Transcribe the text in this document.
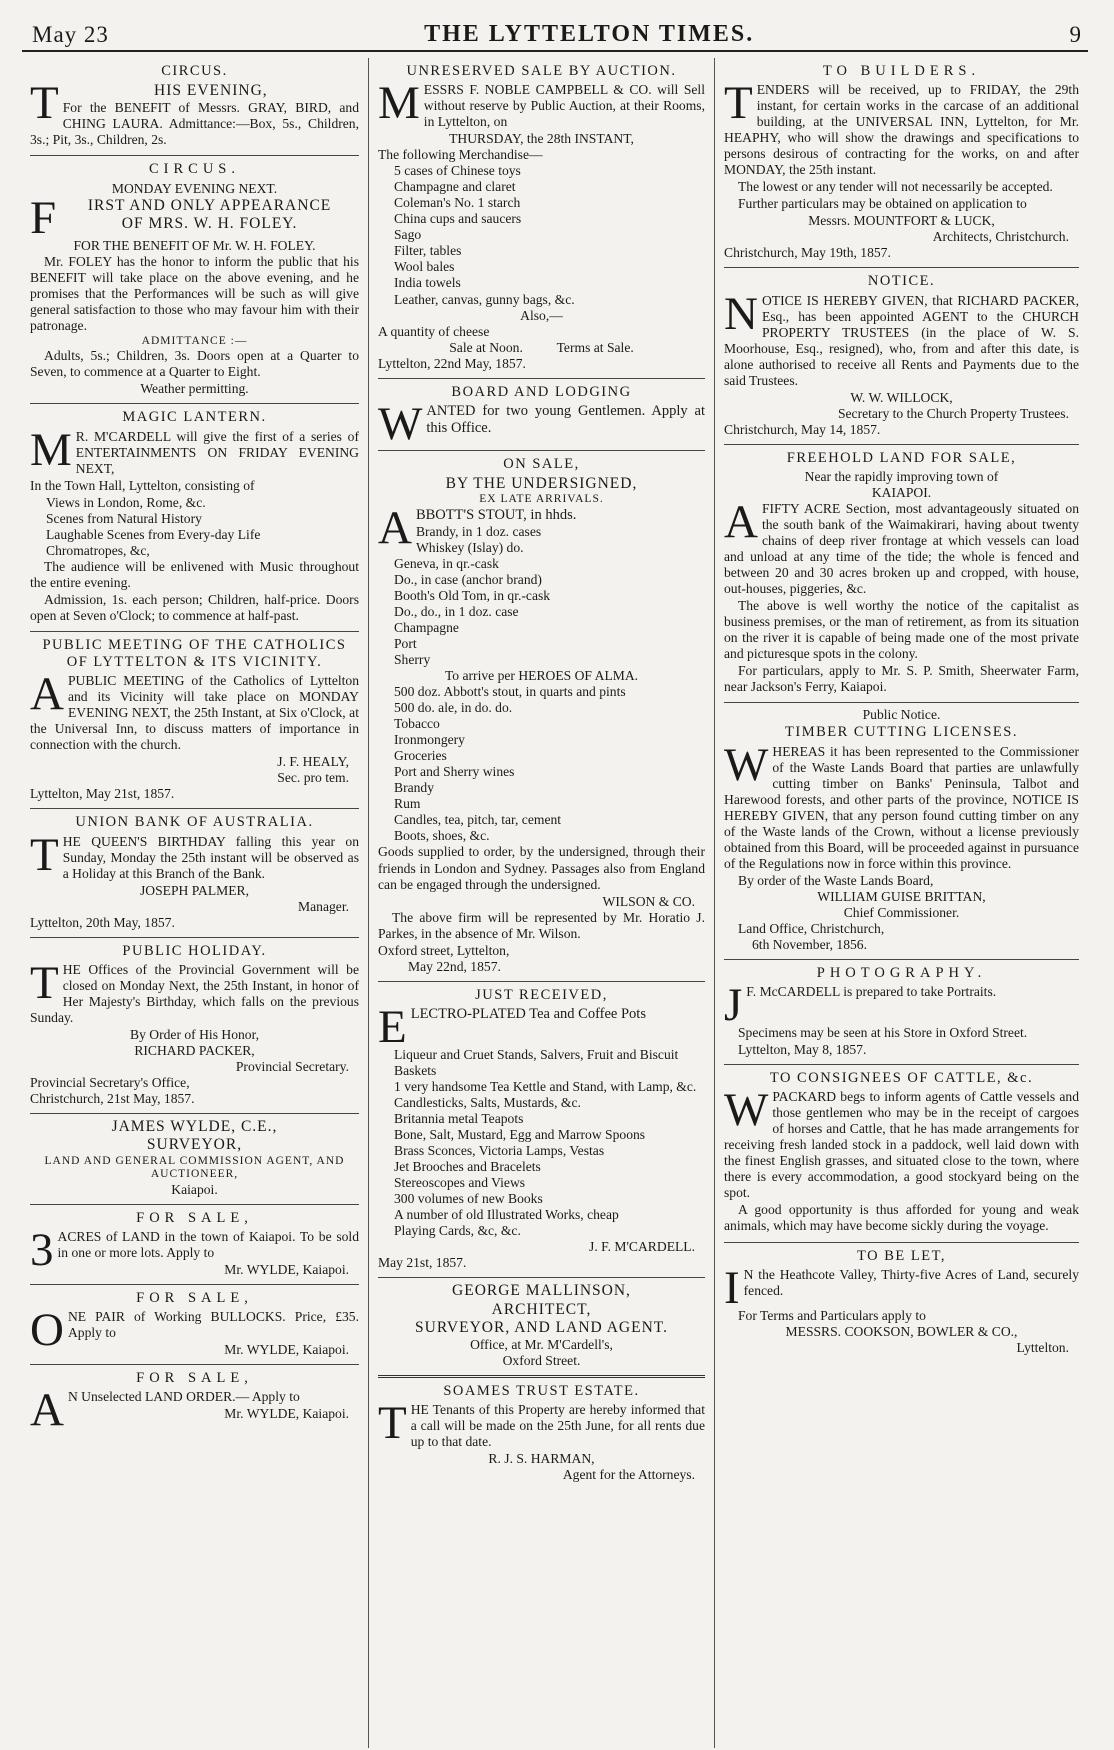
May 23	THE LYTTELTON TIMES.	9
CIRCUS.
T	HIS EVENING,

For the BENEFIT of Messrs. GRAY, BIRD, and CHING LAURA. Admittance:—Box, 5s., Children, 3s.; Pit, 3s., Children, 2s.

CIRCUS.
MONDAY EVENING NEXT.
F	IRST AND ONLY APPEARANCE
OF MRS. W. H. FOLEY.
FOR THE BENEFIT OF Mr. W. H. FOLEY.

Mr. FOLEY has the honor to inform the public that his BENEFIT will take place on the above evening, and he promises that the Performances will be such as will give general satisfaction to those who may favour him with their patronage.

ADMITTANCE :—

Adults, 5s.; Children, 3s. Doors open at a Quarter to Seven, to commence at a Quarter to Eight.

Weather permitting.
MAGIC LANTERN.
M R. M'CARDELL will give the first of a series of ENTERTAINMENTS ON FRIDAY EVENING NEXT,

In the Town Hall, Lyttelton, consisting of

Views in London, Rome, &c.
Scenes from Natural History
Laughable Scenes from Every-day Life
Chromatropes, &c,

The audience will be enlivened with Music throughout the entire evening.

Admission, 1s. each person; Children, half-price. Doors open at Seven o'Clock; to commence at half-past.

PUBLIC MEETING OF THE CATHOLICS OF LYTTELTON & ITS VICINITY.
A PUBLIC MEETING of the Catholics of Lyttelton and its Vicinity will take place on MONDAY EVENING NEXT, the 25th Instant, at Six o'Clock, at the Universal Inn, to discuss matters of importance in connection with the church.

J. F. HEALY,
Sec. pro tem.
Lyttelton, May 21st, 1857.
UNION BANK OF AUSTRALIA.
T HE QUEEN'S BIRTHDAY falling this year on Sunday, Monday the 25th instant will be observed as a Holiday at this Branch of the Bank.

JOSEPH PALMER,
Manager.
Lyttelton, 20th May, 1857.
PUBLIC HOLIDAY.
T HE Offices of the Provincial Government will be closed on Monday Next, the 25th Instant, in honor of Her Majesty's Birthday, which falls on the previous Sunday.

By Order of His Honor,
RICHARD PACKER,
Provincial Secretary.
Provincial Secretary's Office,
Christchurch, 21st May, 1857.
JAMES WYLDE, C.E.,
SURVEYOR,
LAND AND GENERAL COMMISSION AGENT, AND AUCTIONEER,
Kaiapoi.
FOR SALE,
3 ACRES of LAND in the town of Kaiapoi. To be sold in one or more lots. Apply to

Mr. WYLDE, Kaiapoi.
FOR SALE,
O NE PAIR of Working BULLOCKS. Price, £35. Apply to

Mr. WYLDE, Kaiapoi.
FOR SALE,
A N Unselected LAND ORDER.— Apply to

Mr. WYLDE, Kaiapoi.
UNRESERVED SALE BY AUCTION.
M ESSRS F. NOBLE CAMPBELL & CO. will Sell without reserve by Public Auction, at their Rooms, in Lyttelton, on

THURSDAY, the 28th INSTANT,
The following Merchandise—
5 cases of Chinese toys
Champagne and claret
Coleman's No. 1 starch
China cups and saucers
Sago
Filter, tables
Wool bales
India towels
Leather, canvas, gunny bags, &c.
Also,—
A quantity of cheese
Sale at Noon.          Terms at Sale.
Lyttelton, 22nd May, 1857.
BOARD AND LODGING
W ANTED for two young Gentlemen. Apply at this Office.

ON SALE,
BY THE UNDERSIGNED,
EX LATE ARRIVALS.
A BBOTT'S STOUT, in hhds.
Brandy, in 1 doz. cases
Whiskey (Islay) do.
Geneva, in qr.-cask
Do., in case (anchor brand)
Booth's Old Tom, in qr.-cask
Do., do., in 1 doz. case
Champagne
Port
Sherry
To arrive per HEROES OF ALMA.
500 doz. Abbott's stout, in quarts and pints
500 do. ale, in do. do.
Tobacco
Ironmongery
Groceries
Port and Sherry wines
Brandy
Rum
Candles, tea, pitch, tar, cement
Boots, shoes, &c.

Goods supplied to order, by the undersigned, through their friends in London and Sydney. Passages also from England can be engaged through the undersigned.

WILSON & CO.

The above firm will be represented by Mr. Horatio J. Parkes, in the absence of Mr. Wilson.

Oxford street, Lyttelton,
May 22nd, 1857.
JUST RECEIVED,
E LECTRO-PLATED Tea and Coffee Pots
Liqueur and Cruet Stands, Salvers, Fruit and Biscuit Baskets
1 very handsome Tea Kettle and Stand, with Lamp, &c.
Candlesticks, Salts, Mustards, &c.
Britannia metal Teapots
Bone, Salt, Mustard, Egg and Marrow Spoons
Brass Sconces, Victoria Lamps, Vestas
Jet Brooches and Bracelets
Stereoscopes and Views
300 volumes of new Books
A number of old Illustrated Works, cheap
Playing Cards, &c, &c.
J. F. M'CARDELL.
May 21st, 1857.
GEORGE MALLINSON,
ARCHITECT,
SURVEYOR, AND LAND AGENT.
Office, at Mr. M'Cardell's,
Oxford Street.
SOAMES TRUST ESTATE.
T HE Tenants of this Property are hereby informed that a call will be made on the 25th June, for all rents due up to that date.

R. J. S. HARMAN,
Agent for the Attorneys.
TO BUILDERS.
T ENDERS will be received, up to FRIDAY, the 29th instant, for certain works in the carcase of an additional building, at the UNIVERSAL INN, Lyttelton, for Mr. HEAPHY, who will show the drawings and specifications to persons desirous of contracting for the works, on and after MONDAY, the 25th instant.

The lowest or any tender will not necessarily be accepted.

Further particulars may be obtained on application to

Messrs. MOUNTFORT & LUCK,
Architects, Christchurch.
Christchurch, May 19th, 1857.
NOTICE.
N OTICE IS HEREBY GIVEN, that RICHARD PACKER, Esq., has been appointed AGENT to the CHURCH PROPERTY TRUSTEES (in the place of W. S. Moorhouse, Esq., resigned), who, from and after this date, is alone authorised to receive all Rents and Payments due to the said Trustees.

W. W. WILLOCK,
Secretary to the Church Property Trustees.
Christchurch, May 14, 1857.
FREEHOLD LAND FOR SALE,
Near the rapidly improving town of
KAIAPOI.
A FIFTY ACRE Section, most advantageously situated on the south bank of the Waimakirari, having about twenty chains of deep river frontage at which vessels can load and unload at any time of the tide; the whole is fenced and between 20 and 30 acres broken up and cropped, with house, out-houses, piggeries, &c.

The above is well worthy the notice of the capitalist as business premises, or the man of retirement, as from its situation on the river it is capable of being made one of the most private and picturesque spots in the colony.

For particulars, apply to Mr. S. P. Smith, Sheerwater Farm, near Jackson's Ferry, Kaiapoi.

Public Notice.
TIMBER CUTTING LICENSES.
W HEREAS it has been represented to the Commissioner of the Waste Lands Board that parties are unlawfully cutting timber on Banks' Peninsula, Talbot and Harewood forests, and other parts of the province, NOTICE IS HEREBY GIVEN, that any person found cutting timber on any of the Waste lands of the Crown, without a license previously obtained from this Board, will be proceeded against in pursuance of the Regulations now in force within this province.

By order of the Waste Lands Board,
WILLIAM GUISE BRITTAN,
Chief Commissioner.
Land Office, Christchurch,
6th November, 1856.
PHOTOGRAPHY.
J F. McCARDELL is prepared to take Portraits.

Specimens may be seen at his Store in Oxford Street.

Lyttelton, May 8, 1857.
TO CONSIGNEES OF CATTLE, &c.
W PACKARD begs to inform agents of Cattle vessels and those gentlemen who may be in the receipt of cargoes of horses and Cattle, that he has made arrangements for receiving fresh landed stock in a paddock, well laid down with the finest English grasses, and situated close to the town, where there is every accommodation, a good stockyard being on the spot.

A good opportunity is thus afforded for young and weak animals, which may have become sickly during the voyage.

TO BE LET,
I N the Heathcote Valley, Thirty-five Acres of Land, securely fenced.

For Terms and Particulars apply to
MESSRS. COOKSON, BOWLER & CO.,
Lyttelton.
